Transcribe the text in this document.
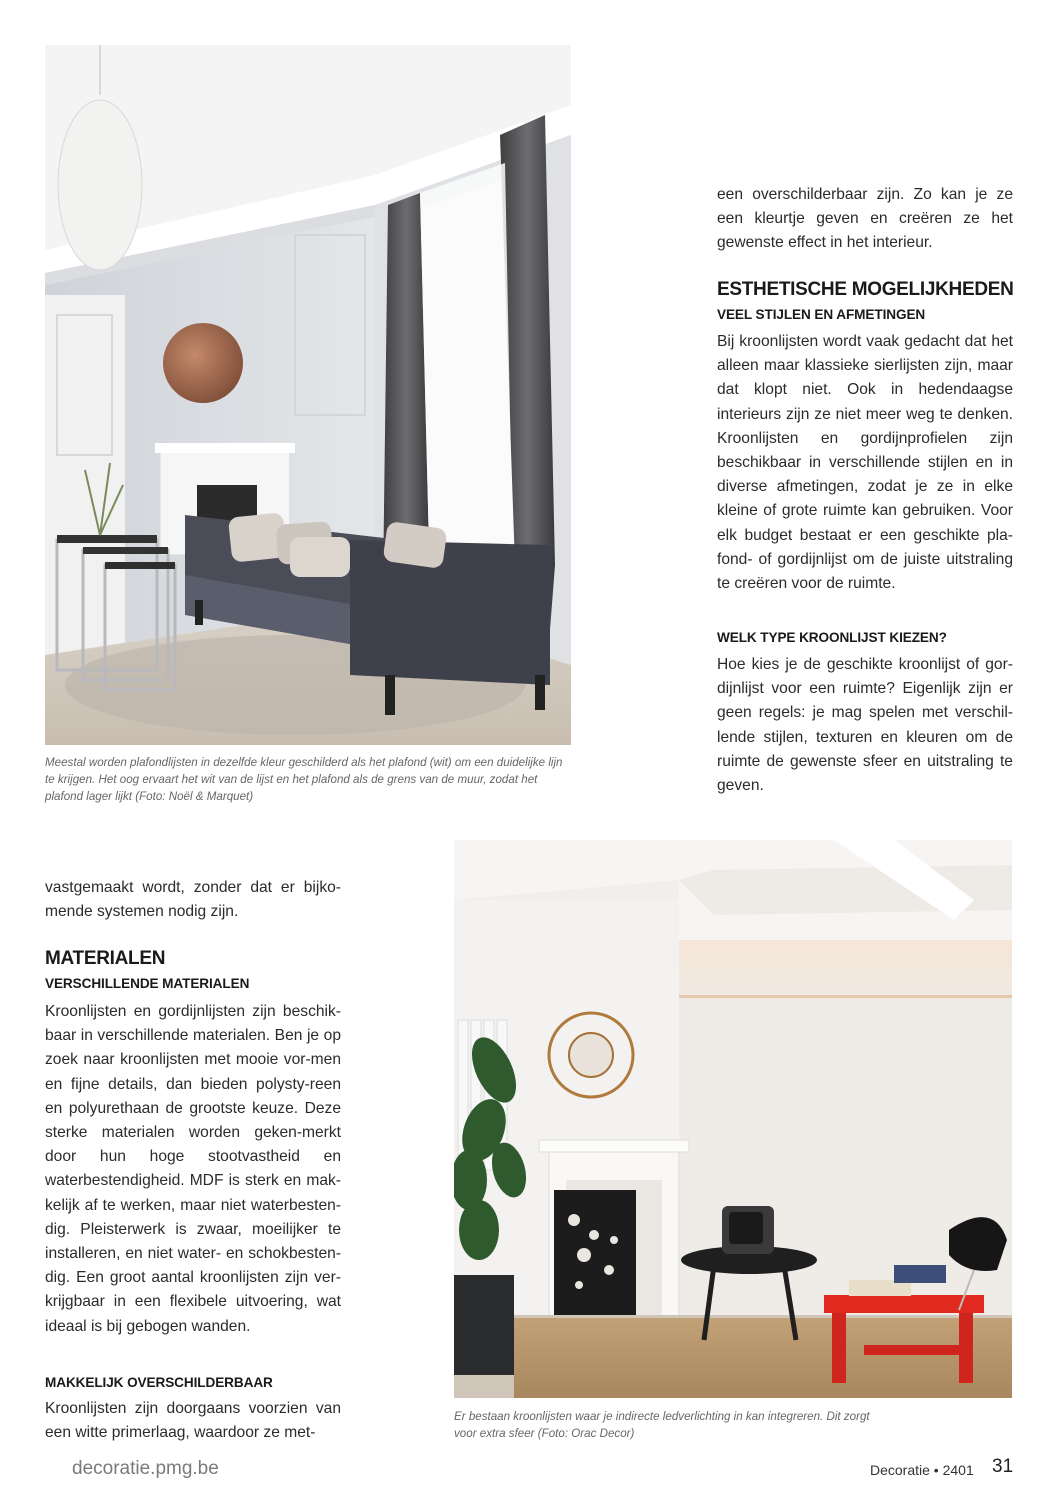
Meestal worden plafondlijsten in dezelfde kleur geschilderd als het plafond (wit) om een duidelijke lijn te krijgen. Het oog ervaart het wit van de lijst en het plafond als de grens van de muur, zodat het plafond lager lijkt (Foto: Noël & Marquet)

een overschilderbaar zijn. Zo kan je ze een kleurtje geven en creëren ze het gewenste effect in het interieur.

ESTHETISCHE MOGELIJKHEDEN
VEEL STIJLEN EN AFMETINGEN

Bij kroonlijsten wordt vaak gedacht dat het alleen maar klassieke sierlijsten zijn, maar dat klopt niet. Ook in hedendaagse interieurs zijn ze niet meer weg te denken. Kroonlijsten en gordijnprofielen zijn beschikbaar in verschillende stijlen en in diverse afmetingen, zodat je ze in elke kleine of grote ruimte kan gebruiken. Voor elk budget bestaat er een geschikte pla-fond- of gordijnlijst om de juiste uitstraling te creëren voor de ruimte.

WELK TYPE KROONLIJST KIEZEN?

Hoe kies je de geschikte kroonlijst of gor-dijnlijst voor een ruimte? Eigenlijk zijn er geen regels: je mag spelen met verschil-lende stijlen, texturen en kleuren om de ruimte de gewenste sfeer en uitstraling te geven.

vastgemaakt wordt, zonder dat er bijko-mende systemen nodig zijn.

MATERIALEN
VERSCHILLENDE MATERIALEN

Kroonlijsten en gordijnlijsten zijn beschik-baar in verschillende materialen. Ben je op zoek naar kroonlijsten met mooie vor-men en fijne details, dan bieden polysty-reen en polyurethaan de grootste keuze. Deze sterke materialen worden geken-merkt door hun hoge stootvastheid en waterbestendigheid. MDF is sterk en mak-kelijk af te werken, maar niet waterbesten-dig. Pleisterwerk is zwaar, moeilijker te installeren, en niet water- en schokbesten-dig. Een groot aantal kroonlijsten zijn ver-krijgbaar in een flexibele uitvoering, wat ideaal is bij gebogen wanden.

MAKKELIJK OVERSCHILDERBAAR

Kroonlijsten zijn doorgaans voorzien van een witte primerlaag, waardoor ze met-

Er bestaan kroonlijsten waar je indirecte ledverlichting in kan integreren. Dit zorgt voor extra sfeer (Foto: Orac Decor)

decoratie.pmg.be	Decoratie • 2401 31
